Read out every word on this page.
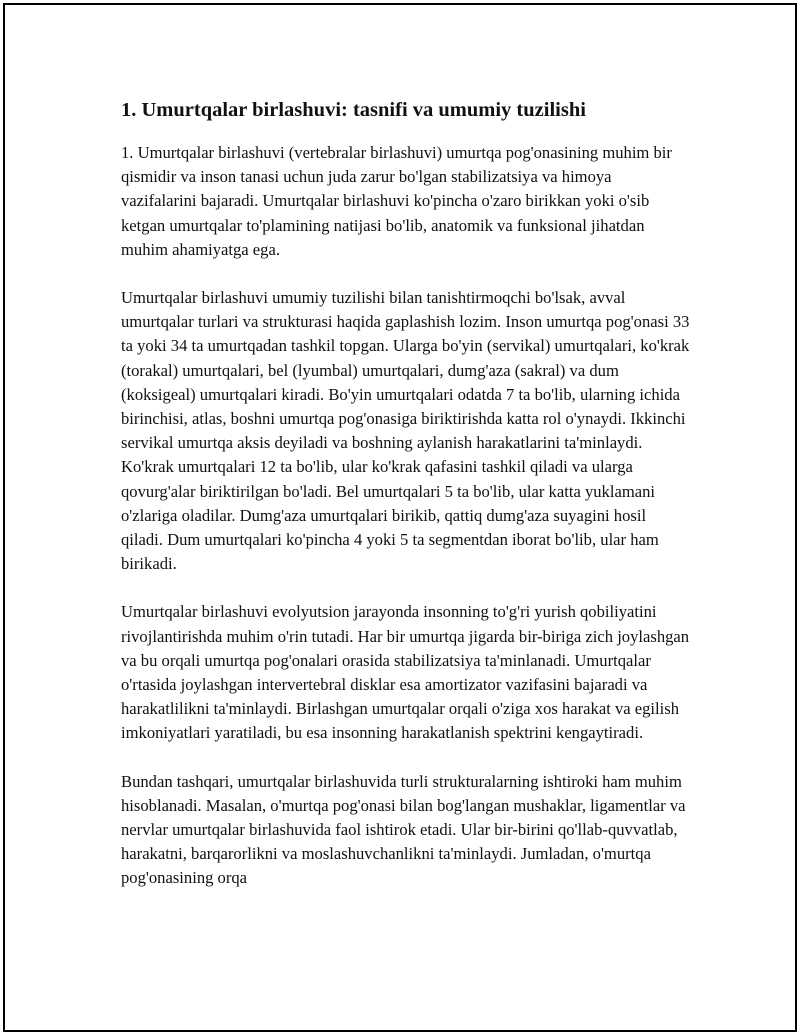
1. Umurtqalar birlashuvi: tasnifi va umumiy tuzilishi

1. Umurtqalar birlashuvi (vertebralar birlashuvi) umurtqa pog'onasining muhim bir qismidir va inson tanasi uchun juda zarur bo'lgan stabilizatsiya va himoya vazifalarini bajaradi. Umurtqalar birlashuvi ko'pincha o'zaro birikkan yoki o'sib ketgan umurtqalar to'plamining natijasi bo'lib, anatomik va funksional jihatdan muhim ahamiyatga ega.

Umurtqalar birlashuvi umumiy tuzilishi bilan tanishtirmoqchi bo'lsak, avval umurtqalar turlari va strukturasi haqida gaplashish lozim. Inson umurtqa pog'onasi 33 ta yoki 34 ta umurtqadan tashkil topgan. Ularga bo'yin (servikal) umurtqalari, ko'krak (torakal) umurtqalari, bel (lyumbal) umurtqalari, dumg'aza (sakral) va dum (koksigeal) umurtqalari kiradi. Bo'yin umurtqalari odatda 7 ta bo'lib, ularning ichida birinchisi, atlas, boshni umurtqa pog'onasiga biriktirishda katta rol o'ynaydi. Ikkinchi servikal umurtqa aksis deyiladi va boshning aylanish harakatlarini ta'minlaydi. Ko'krak umurtqalari 12 ta bo'lib, ular ko'krak qafasini tashkil qiladi va ularga qovurg'alar biriktirilgan bo'ladi. Bel umurtqalari 5 ta bo'lib, ular katta yuklamani o'zlariga oladilar. Dumg'aza umurtqalari birikib, qattiq dumg'aza suyagini hosil qiladi. Dum umurtqalari ko'pincha 4 yoki 5 ta segmentdan iborat bo'lib, ular ham birikadi.

Umurtqalar birlashuvi evolyutsion jarayonda insonning to'g'ri yurish qobiliyatini rivojlantirishda muhim o'rin tutadi. Har bir umurtqa jigarda bir-biriga zich joylashgan va bu orqali umurtqa pog'onalari orasida stabilizatsiya ta'minlanadi. Umurtqalar o'rtasida joylashgan intervertebral disklar esa amortizator vazifasini bajaradi va harakatlilikni ta'minlaydi. Birlashgan umurtqalar orqali o'ziga xos harakat va egilish imkoniyatlari yaratiladi, bu esa insonning harakatlanish spektrini kengaytiradi.

Bundan tashqari, umurtqalar birlashuvida turli strukturalarning ishtiroki ham muhim hisoblanadi. Masalan, o'murtqa pog'onasi bilan bog'langan mushaklar, ligamentlar va nervlar umurtqalar birlashuvida faol ishtirok etadi. Ular bir-birini qo'llab-quvvatlab, harakatni, barqarorlikni va moslashuvchanlikni ta'minlaydi. Jumladan, o'murtqa pog'onasining orqa
